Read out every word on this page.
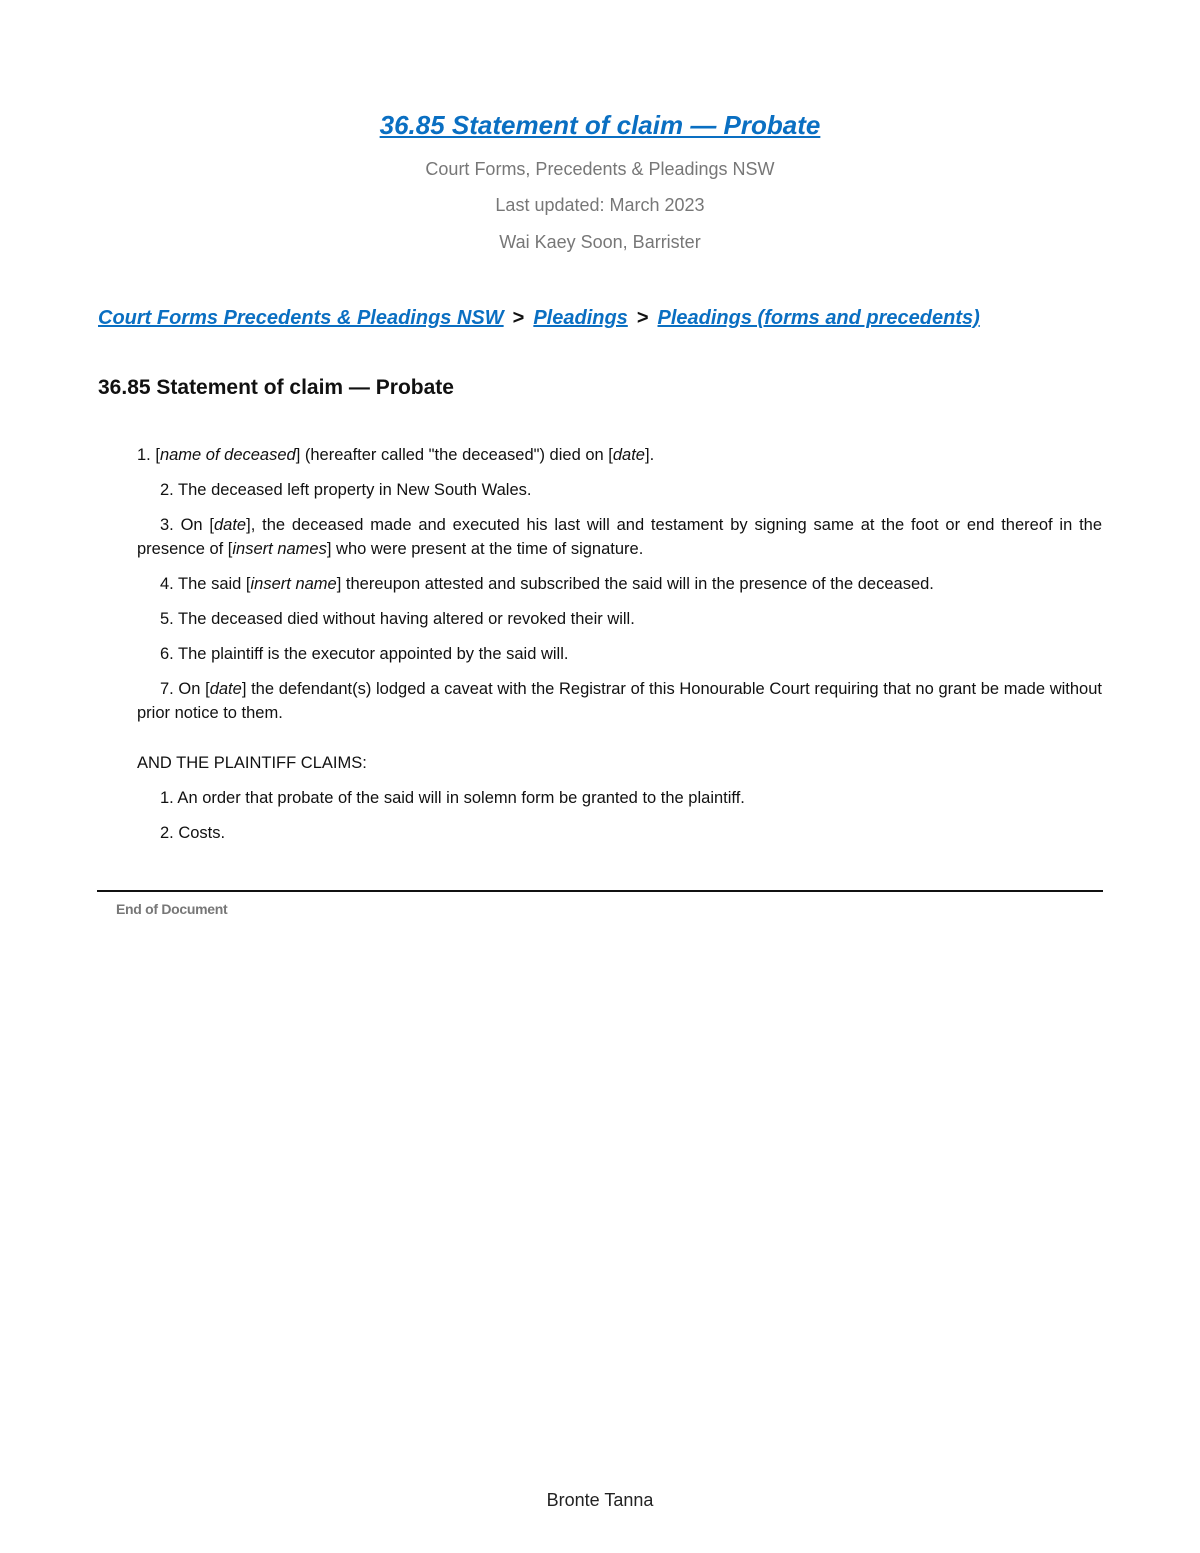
36.85 Statement of claim — Probate
Court Forms, Precedents & Pleadings NSW
Last updated: March 2023
Wai Kaey Soon, Barrister
Court Forms Precedents & Pleadings NSW > Pleadings > Pleadings (forms and precedents)
36.85 Statement of claim — Probate

1. [name of deceased] (hereafter called "the deceased") died on [date].

2. The deceased left property in New South Wales.

3. On [date], the deceased made and executed his last will and testament by signing same at the foot or end thereof in the presence of [insert names] who were present at the time of signature.

4. The said [insert name] thereupon attested and subscribed the said will in the presence of the deceased.

5. The deceased died without having altered or revoked their will.

6. The plaintiff is the executor appointed by the said will.

7. On [date] the defendant(s) lodged a caveat with the Registrar of this Honourable Court requiring that no grant be made without prior notice to them.

AND THE PLAINTIFF CLAIMS:

1. An order that probate of the said will in solemn form be granted to the plaintiff.

2. Costs.

End of Document
Bronte Tanna
